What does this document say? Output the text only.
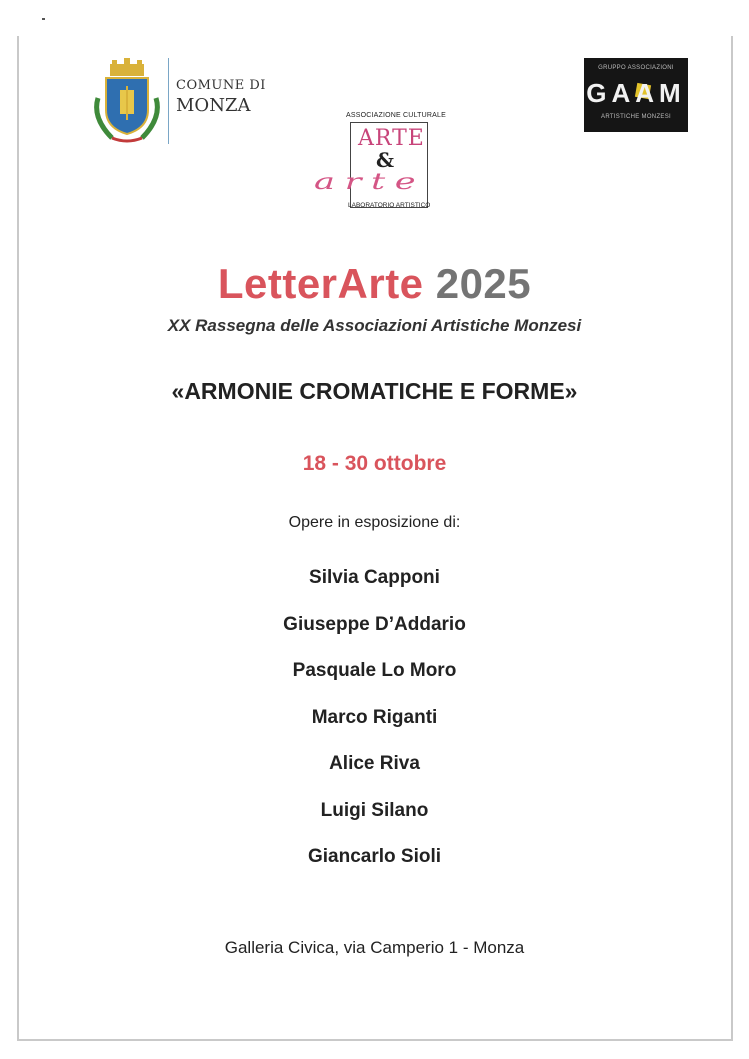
COMUNE DI
MONZA	ASSOCIAZIONE CULTURALE
ARTE
&
arte
LABORATORIO ARTISTICO
GRUPPO ASSOCIAZIONI
GAAM
ARTISTICHE MONZESI
LetterArte 2025
XX Rassegna delle Associazioni Artistiche Monzesi
«ARMONIE CROMATICHE E FORME»
18 - 30 ottobre
Opere in esposizione di:
Silvia Capponi
Giuseppe D’Addario
Pasquale Lo Moro
Marco Riganti
Alice Riva
Luigi Silano
Giancarlo Sioli
Galleria Civica, via Camperio 1 - Monza
